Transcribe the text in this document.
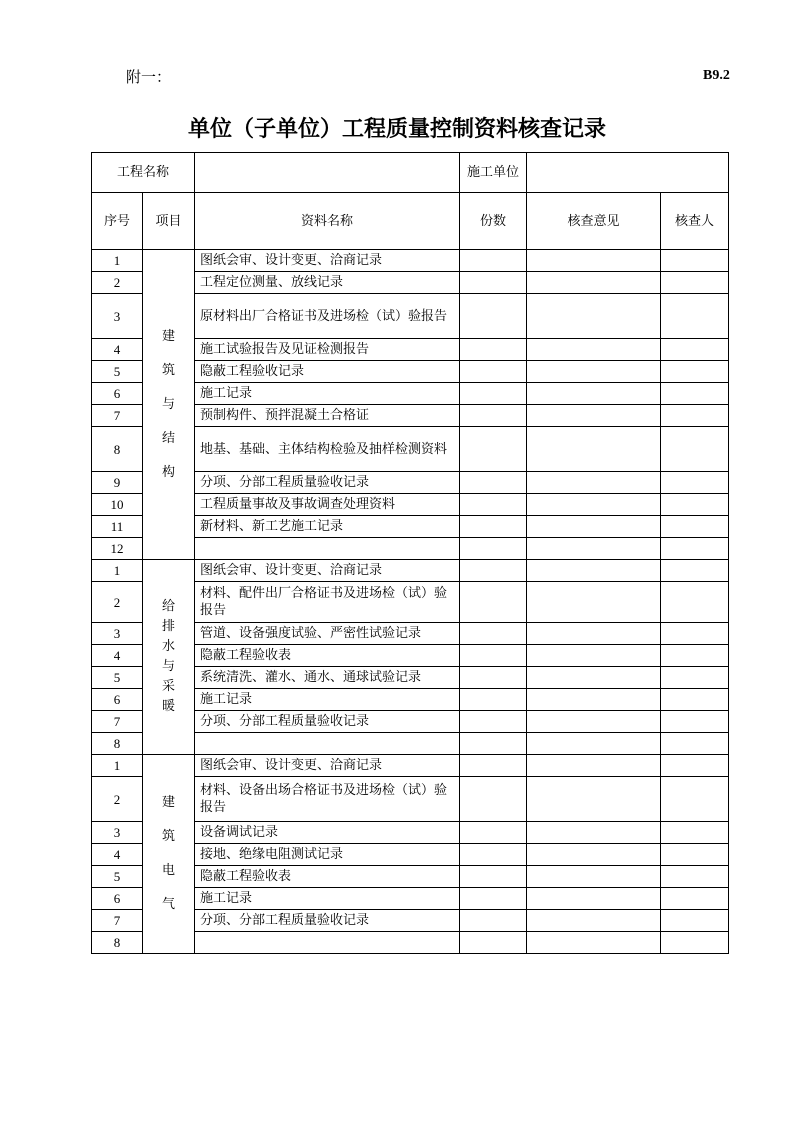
附一：	B9.2
单位（子单位）工程质量控制资料核查记录
工程名称			施工单位		
序号	项目	资料名称	份数	核查意见	核查人
1	建筑与结构	图纸会审、设计变更、洽商记录			
2		工程定位测量、放线记录			
3		原材料出厂合格证书及进场检（试）验报告			
4		施工试验报告及见证检测报告			
5		隐蔽工程验收记录			
6		施工记录			
7		预制构件、预拌混凝土合格证			
8		地基、基础、主体结构检验及抽样检测资料			
9		分项、分部工程质量验收记录			
10		工程质量事故及事故调查处理资料			
11		新材料、新工艺施工记录			
12					
1	给排水与采暖	图纸会审、设计变更、洽商记录			
2		材料、配件出厂合格证书及进场检（试）验报告			
3		管道、设备强度试验、严密性试验记录			
4		隐蔽工程验收表			
5		系统清洗、灌水、通水、通球试验记录			
6		施工记录			
7		分项、分部工程质量验收记录			
8					
1	建筑电气	图纸会审、设计变更、洽商记录			
2		材料、设备出场合格证书及进场检（试）验报告			
3		设备调试记录			
4		接地、绝缘电阻测试记录			
5		隐蔽工程验收表			
6		施工记录			
7		分项、分部工程质量验收记录			
8					
